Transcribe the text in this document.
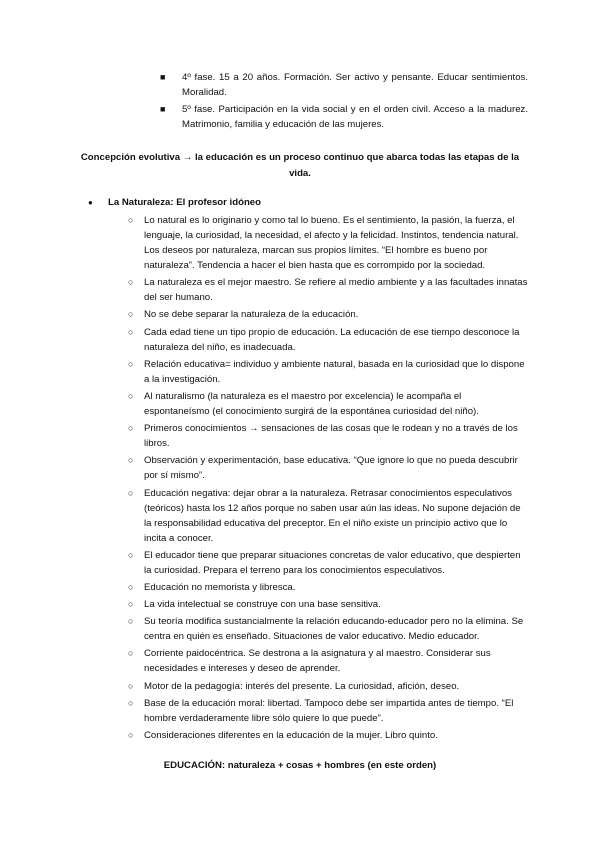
■ 4º fase. 15 a 20 años. Formación. Ser activo y pensante. Educar sentimientos. Moralidad.
■ 5º fase. Participación en la vida social y en el orden civil. Acceso a la madurez. Matrimonio, familia y educación de las mujeres.
Concepción evolutiva → la educación es un proceso continuo que abarca todas las etapas de la vida.
● La Naturaleza: El profesor idóneo
○ Lo natural es lo originario y como tal lo bueno. Es el sentimiento, la pasión, la fuerza, el lenguaje, la curiosidad, la necesidad, el afecto y la felicidad. Instintos, tendencia natural. Los deseos por naturaleza, marcan sus propios límites. “El hombre es bueno por naturaleza”. Tendencia a hacer el bien hasta que es corrompido por la sociedad.
○ La naturaleza es el mejor maestro. Se refiere al medio ambiente y a las facultades innatas del ser humano.
○ No se debe separar la naturaleza de la educación.
○ Cada edad tiene un tipo propio de educación. La educación de ese tiempo desconoce la naturaleza del niño, es inadecuada.
○ Relación educativa= individuo y ambiente natural, basada en la curiosidad que lo dispone a la investigación.
○ Al naturalismo (la naturaleza es el maestro por excelencia) le acompaña el espontaneísmo (el conocimiento surgirá de la espontánea curiosidad del niño).
○ Primeros conocimientos → sensaciones de las cosas que le rodean y no a través de los libros.
○ Observación y experimentación, base educativa. “Que ignore lo que no pueda descubrir por sí mismo”.
○ Educación negativa: dejar obrar a la naturaleza. Retrasar conocimientos especulativos (teóricos) hasta los 12 años porque no saben usar aún las ideas. No supone dejación de la responsabilidad educativa del preceptor. En el niño existe un principio activo que lo incita a conocer.
○ El educador tiene que preparar situaciones concretas de valor educativo, que despierten la curiosidad. Prepara el terreno para los conocimientos especulativos.
○ Educación no memorista y libresca.
○ La vida intelectual se construye con una base sensitiva.
○ Su teoría modifica sustancialmente la relación educando-educador pero no la elimina. Se centra en quién es enseñado. Situaciones de valor educativo. Medio educador.
○ Corriente paidocéntrica. Se destrona a la asignatura y al maestro. Considerar sus necesidades e intereses y deseo de aprender.
○ Motor de la pedagogía: interés del presente. La curiosidad, afición, deseo.
○ Base de la educación moral: libertad. Tampoco debe ser impartida antes de tiempo. “El hombre verdaderamente libre sólo quiere lo que puede”.
○ Consideraciones diferentes en la educación de la mujer. Libro quinto.
EDUCACIÓN: naturaleza + cosas + hombres (en este orden)
